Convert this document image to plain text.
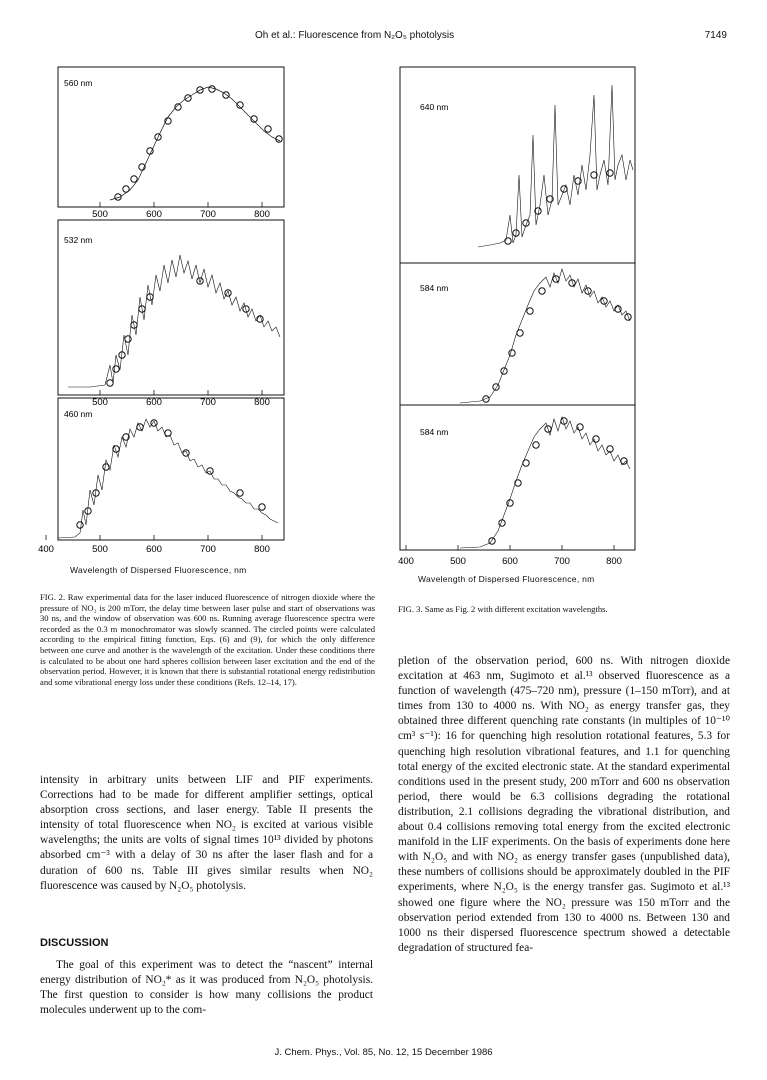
Oh et al.: Fluorescence from N₂O₅ photolysis	7149
560 nm
500	600	700	800
532 nm
500	600	700	800
460 nm
400	500	600	700	800
Wavelength of Dispersed Fluorescence, nm
FIG. 2. Raw experimental data for the laser induced fluorescence of nitrogen dioxide where the pressure of NO₂ is 200 mTorr, the delay time between laser pulse and start of observations was 30 ns, and the window of observation was 600 ns. Running average fluorescence spectra were recorded as the 0.3 m monochromator was slowly scanned. The circled points were calculated according to the empirical fitting function, Eqs. (6) and (9), for which the only difference between one curve and another is the wavelength of the excitation. Under these conditions there is calculated to be about one hard spheres collision between laser excitation and the end of the observation period. However, it is known that there is substantial rotational energy redistribution and some vibrational energy loss under these conditions (Refs. 12–14, 17).
640 nm
584 nm
584 nm
400	500	600	700	800
Wavelength of Dispersed Fluorescence, nm
FIG. 3. Same as Fig. 2 with different excitation wavelengths.
intensity in arbitrary units between LIF and PIF experiments. Corrections had to be made for different amplifier settings, optical absorption cross sections, and laser energy. Table II presents the intensity of total fluorescence when NO₂ is excited at various visible wavelengths; the units are volts of signal times 10¹³ divided by photons absorbed cm⁻³ with a delay of 30 ns after the laser flash and for a duration of 600 ns. Table III gives similar results when NO₂ fluorescence was caused by N₂O₅ photolysis.
DISCUSSION
The goal of this experiment was to detect the “nascent” internal energy distribution of NO₂* as it was produced from N₂O₅ photolysis. The first question to consider is how many collisions the product molecules underwent up to the com-
pletion of the observation period, 600 ns. With nitrogen dioxide excitation at 463 nm, Sugimoto et al.¹³ observed fluorescence as a function of wavelength (475–720 nm), pressure (1–150 mTorr), and at times from 130 to 4000 ns. With NO₂ as energy transfer gas, they obtained three different quenching rate constants (in multiples of 10⁻¹⁰ cm³ s⁻¹): 16 for quenching high resolution rotational features, 5.3 for quenching high resolution vibrational features, and 1.1 for quenching total energy of the excited electronic state. At the standard experimental conditions used in the present study, 200 mTorr and 600 ns observation period, there would be 6.3 collisions degrading the rotational distribution, 2.1 collisions degrading the vibrational distribution, and about 0.4 collisions removing total energy from the excited electronic manifold in the LIF experiments. On the basis of experiments done here with N₂O₅ and with NO₂ as energy transfer gases (unpublished data), these numbers of collisions should be approximately doubled in the PIF experiments, where N₂O₅ is the energy transfer gas. Sugimoto et al.¹³ showed one figure where the NO₂ pressure was 150 mTorr and the observation period extended from 130 to 4000 ns. Between 130 and 1000 ns their dispersed fluorescence spectrum showed a detectable degradation of structured fea-
J. Chem. Phys., Vol. 85, No. 12, 15 December 1986
